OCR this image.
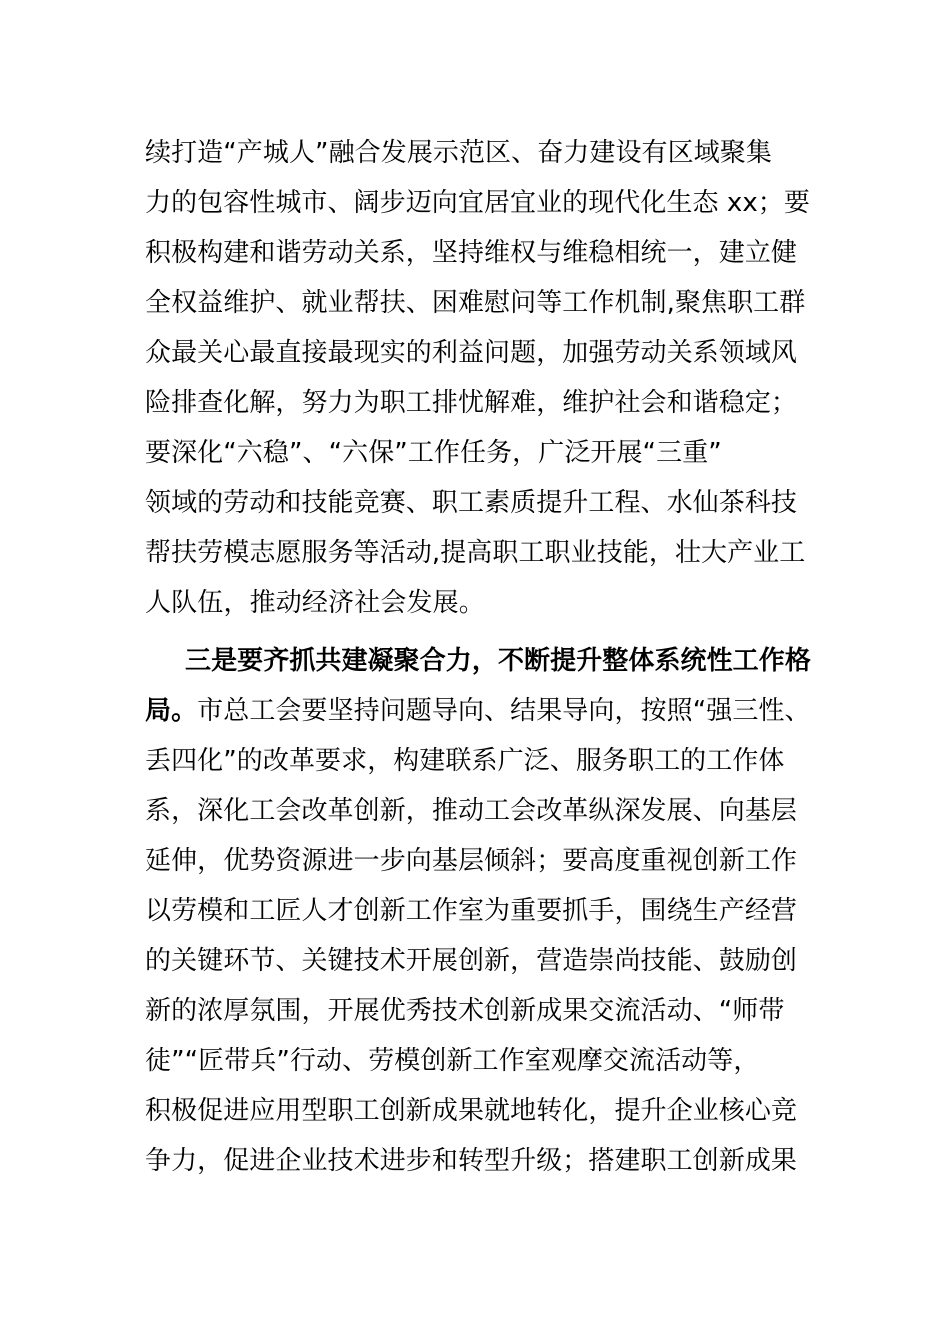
续打造“产城人”融合发展示范区、奋力建设有区域聚集
力的包容性城市、阔步迈向宜居宜业的现代化生态 xx；要
积极构建和谐劳动关系，坚持维权与维稳相统一，建立健
全权益维护、就业帮扶、困难慰问等工作机制,聚焦职工群
众最关心最直接最现实的利益问题，加强劳动关系领域风
险排查化解，努力为职工排忧解难，维护社会和谐稳定；
要深化“六稳”、“六保”工作任务，广泛开展“三重”
领域的劳动和技能竞赛、职工素质提升工程、水仙茶科技
帮扶劳模志愿服务等活动,提高职工职业技能，壮大产业工
人队伍，推动经济社会发展。
三是要齐抓共建凝聚合力，不断提升整体系统性工作格
局。市总工会要坚持问题导向、结果导向，按照“强三性、
丢四化”的改革要求，构建联系广泛、服务职工的工作体
系，深化工会改革创新，推动工会改革纵深发展、向基层
延伸，优势资源进一步向基层倾斜；要高度重视创新工作
以劳模和工匠人才创新工作室为重要抓手，围绕生产经营
的关键环节、关键技术开展创新，营造崇尚技能、鼓励创
新的浓厚氛围，开展优秀技术创新成果交流活动、“师带
徒”“匠带兵”行动、劳模创新工作室观摩交流活动等，
积极促进应用型职工创新成果就地转化，提升企业核心竞
争力，促进企业技术进步和转型升级；搭建职工创新成果
